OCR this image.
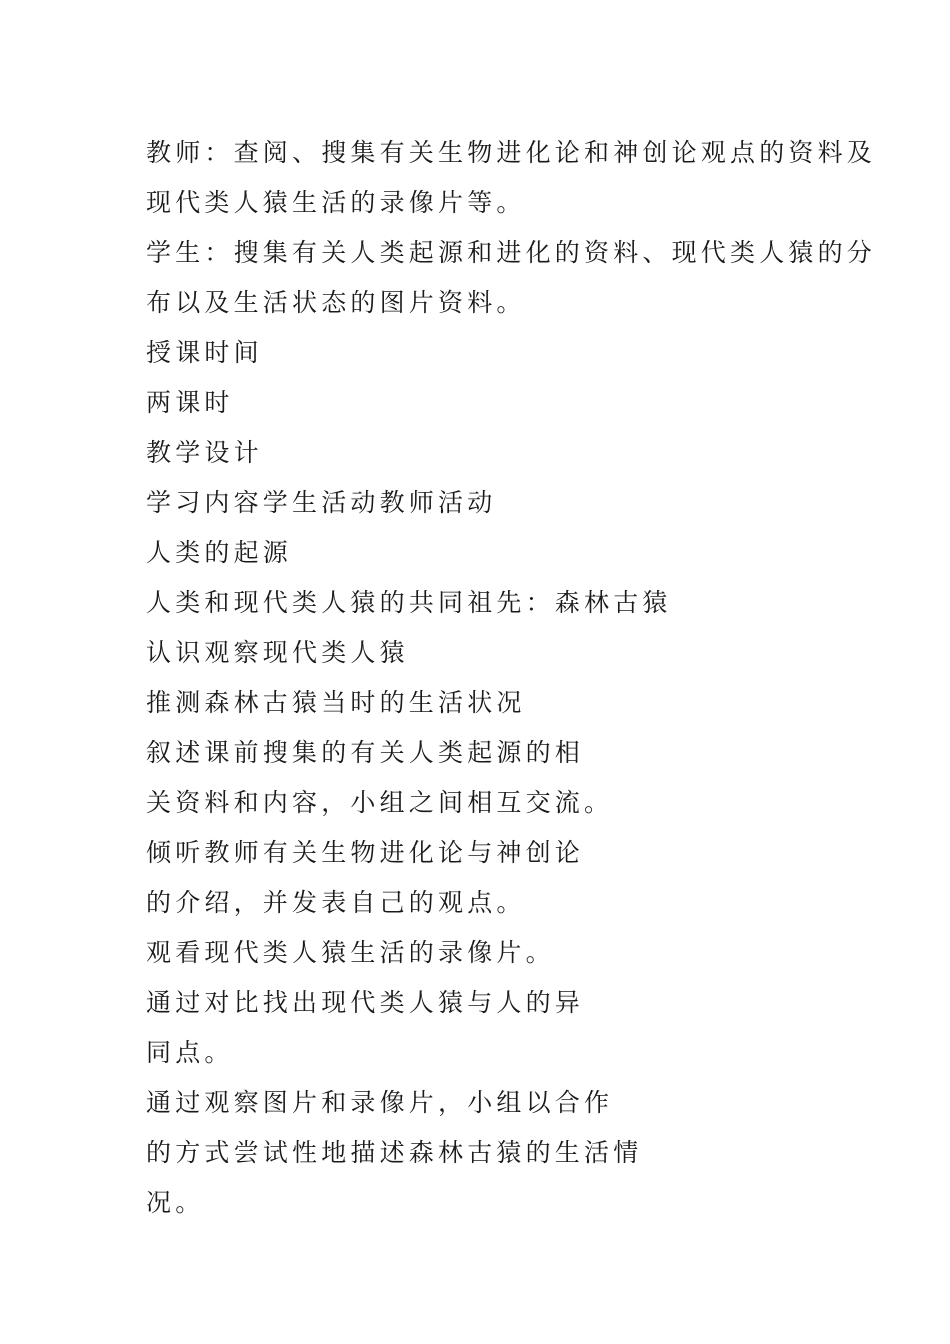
教师：查阅、搜集有关生物进化论和神创论观点的资料及
现代类人猿生活的录像片等。
学生：搜集有关人类起源和进化的资料、现代类人猿的分
布以及生活状态的图片资料。
授课时间
两课时
教学设计
学习内容学生活动教师活动
人类的起源
人类和现代类人猿的共同祖先：森林古猿
认识观察现代类人猿
推测森林古猿当时的生活状况
叙述课前搜集的有关人类起源的相
关资料和内容，小组之间相互交流。
倾听教师有关生物进化论与神创论
的介绍，并发表自己的观点。
观看现代类人猿生活的录像片。
通过对比找出现代类人猿与人的异
同点。
通过观察图片和录像片，小组以合作
的方式尝试性地描述森林古猿的生活情
况。
